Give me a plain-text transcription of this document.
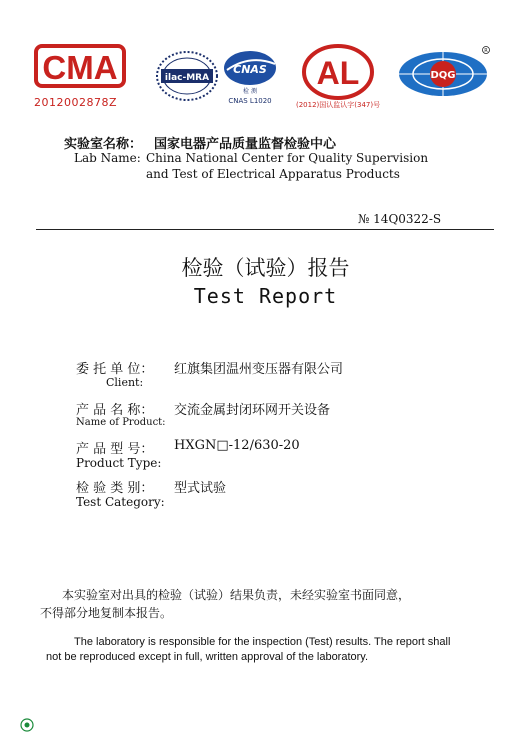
CMA
2012002878Z
ilac-MRA
CNAS
检 测
CNAS L1020
AL
(2012)国认监认字(347)号
DQG
R
实验室名称： 国家电器产品质量监督检验中心
Lab Name: China National Center for Quality Supervision
and Test of Electrical Apparatus Products
№ 14Q0322-S
检验（试验）报告
Test Report
委 托 单 位： 红旗集团温州变压器有限公司
Client:
产 品 名 称： 交流金属封闭环网开关设备
Name of Product:
产 品 型 号： HXGN□-12/630-20
Product Type:
检 验 类 别： 型式试验
Test Category:
本实验室对出具的检验（试验）结果负责，未经实验室书面同意，
不得部分地复制本报告。
The laboratory is responsible for the inspection (Test) results. The report shall
not be reproduced except in full, written approval of the laboratory.
